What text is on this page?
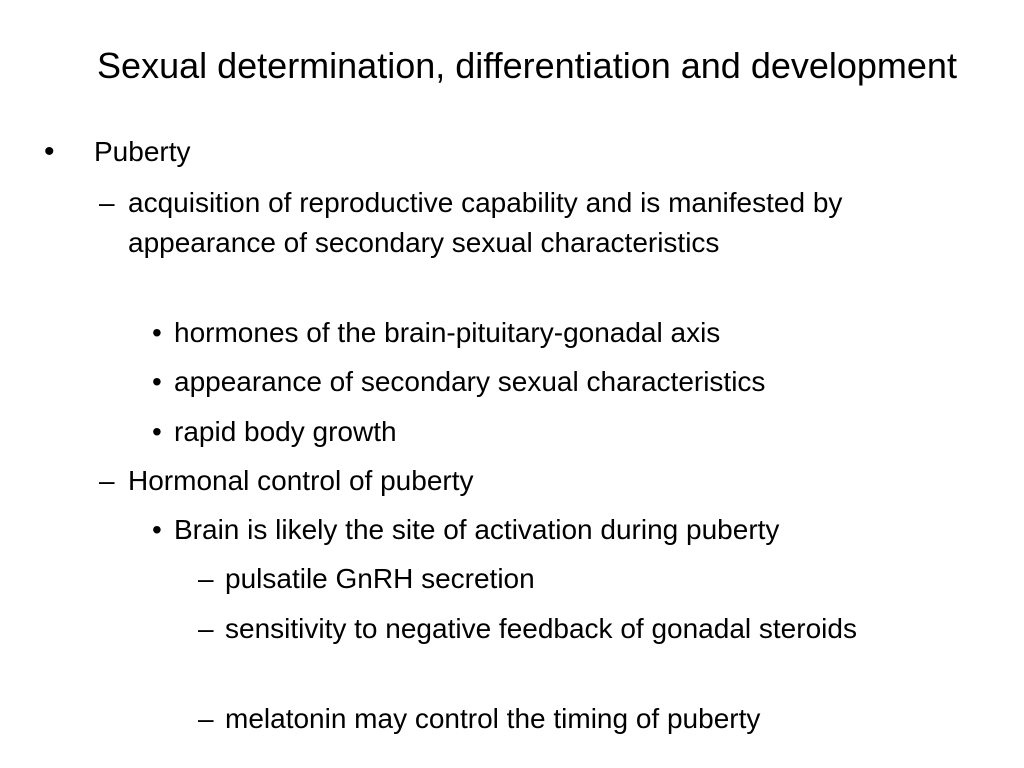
Sexual determination, differentiation and development
• Puberty
– acquisition of reproductive capability and is manifested by appearance of secondary sexual characteristics
• hormones of the brain-pituitary-gonadal axis
• appearance of secondary sexual characteristics
• rapid body growth
– Hormonal control of puberty
• Brain is likely the site of activation during puberty
– pulsatile GnRH secretion
– sensitivity to negative feedback of gonadal steroids
– melatonin may control the timing of puberty
